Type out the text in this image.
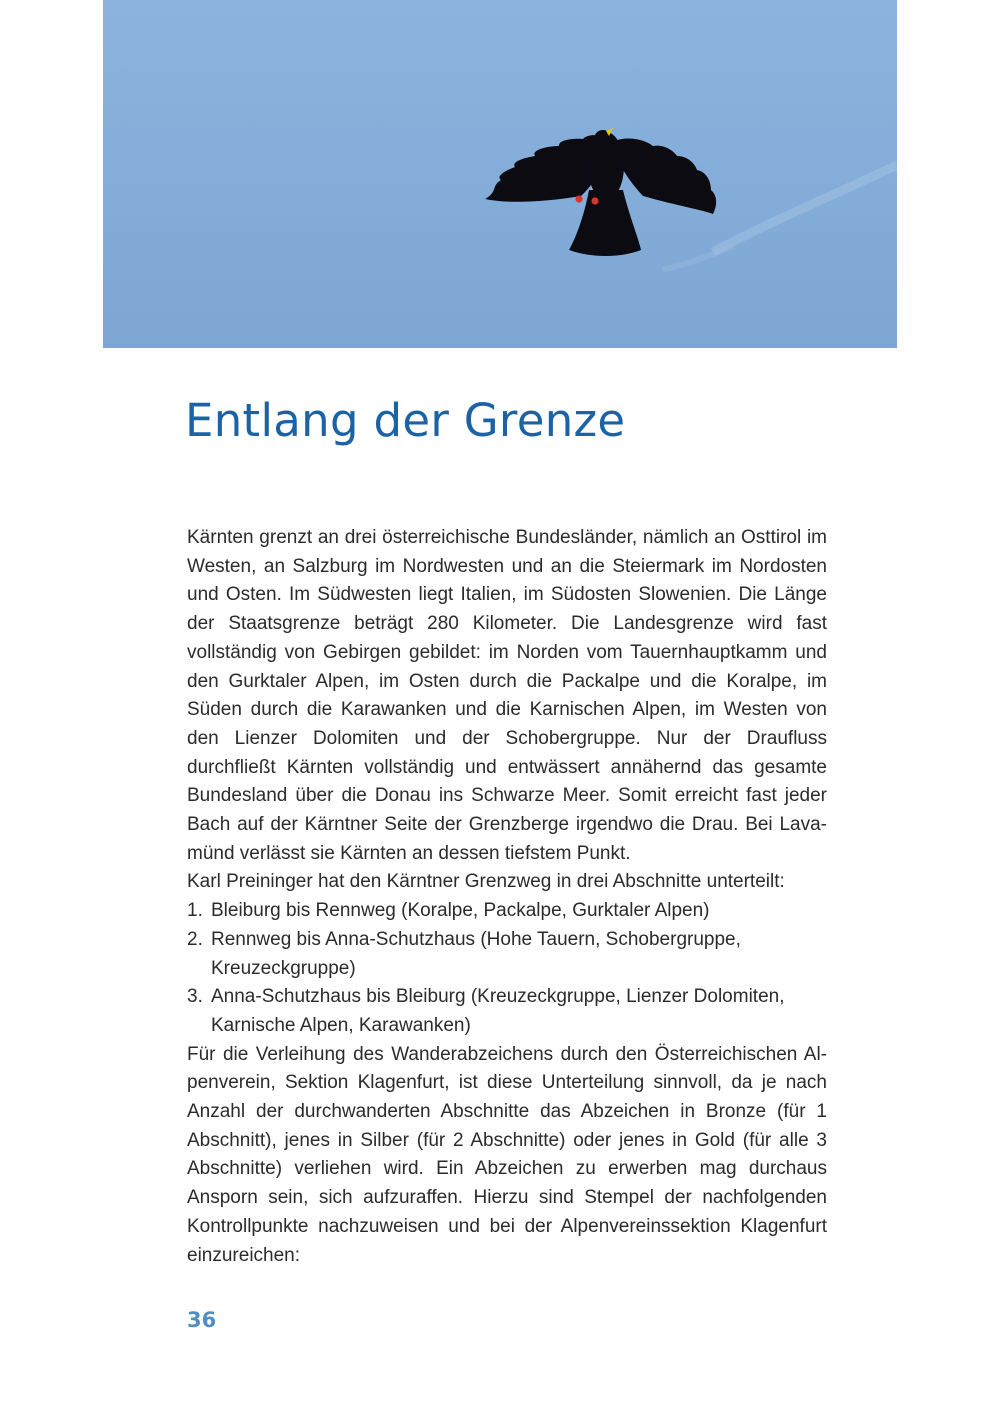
Entlang der Grenze

Kärnten grenzt an drei österreichische Bundesländer, nämlich an Osttirol im Westen, an Salzburg im Nordwesten und an die Steiermark im Nordosten und Osten. Im Südwesten liegt Italien, im Südosten Slowenien. Die Länge der Staatsgrenze beträgt 280 Kilometer. Die Landesgrenze wird fast vollständig von Gebirgen gebildet: im Norden vom Tauernhauptkamm und den Gurktaler Alpen, im Osten durch die Packalpe und die Koralpe, im Süden durch die Karawanken und die Karnischen Alpen, im Westen von den Lienzer Dolomiten und der Schobergruppe. Nur der Draufluss durchfließt Kärnten vollständig und entwässert annähernd das gesamte Bundesland über die Donau ins Schwarze Meer. Somit erreicht fast jeder Bach auf der Kärntner Seite der Grenzberge irgendwo die Drau. Bei Lavamünd verlässt sie Kärnten an dessen tiefstem Punkt.

Karl Preininger hat den Kärntner Grenzweg in drei Abschnitte unterteilt:

1. Bleiburg bis Rennweg (Koralpe, Packalpe, Gurktaler Alpen)
2. Rennweg bis Anna-Schutzhaus (Hohe Tauern, Schobergruppe, Kreuzeckgruppe)
3. Anna-Schutzhaus bis Bleiburg (Kreuzeckgruppe, Lienzer Dolomiten, Karnische Alpen, Karawanken)

Für die Verleihung des Wanderabzeichens durch den Österreichischen Alpenverein, Sektion Klagenfurt, ist diese Unterteilung sinnvoll, da je nach Anzahl der durchwanderten Abschnitte das Abzeichen in Bronze (für 1 Abschnitt), jenes in Silber (für 2 Abschnitte) oder jenes in Gold (für alle 3 Abschnitte) verliehen wird. Ein Abzeichen zu erwerben mag durchaus Ansporn sein, sich aufzuraffen. Hierzu sind Stempel der nachfolgenden Kontrollpunkte nachzuweisen und bei der Alpenvereinssektion Klagenfurt einzureichen:

36
